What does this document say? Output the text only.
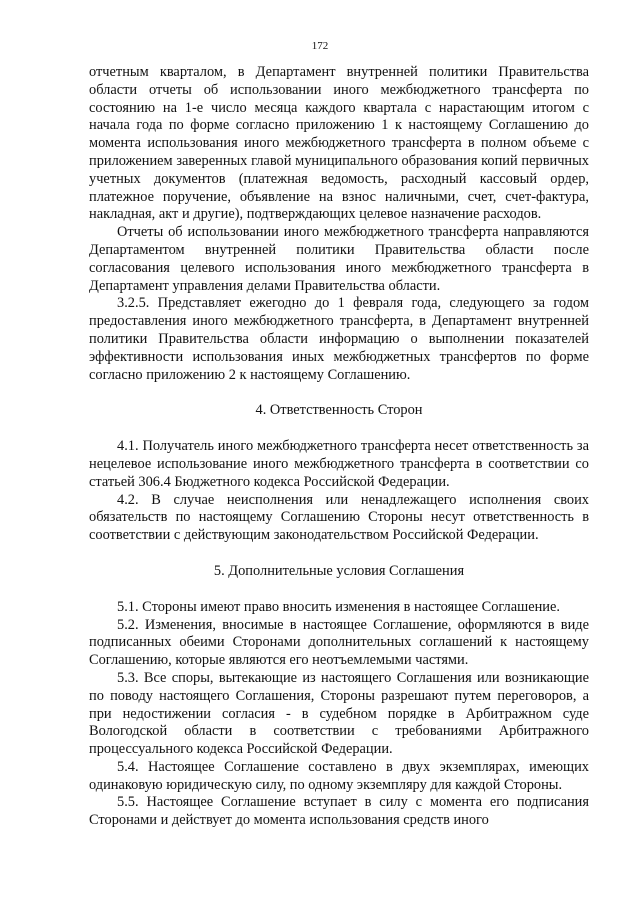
172

отчетным кварталом, в Департамент внутренней политики Правительства области отчеты об использовании иного межбюджетного трансферта по состоянию на 1-е число месяца каждого квартала с нарастающим итогом с начала года по форме согласно приложению 1 к настоящему Соглашению до момента использования иного межбюджетного трансферта в полном объеме с приложением заверенных главой муниципального образования копий первичных учетных документов (платежная ведомость, расходный кассовый ордер, платежное поручение, объявление на взнос наличными, счет, счет-фактура, накладная, акт и другие), подтверждающих целевое назначение расходов.

Отчеты об использовании иного межбюджетного трансферта направляются Департаментом внутренней политики Правительства области после согласования целевого использования иного межбюджетного трансферта в Департамент управления делами Правительства области.

3.2.5. Представляет ежегодно до 1 февраля года, следующего за годом предоставления иного межбюджетного трансферта, в Департамент внутренней политики Правительства области информацию о выполнении показателей эффективности использования иных межбюджетных трансфертов по форме согласно приложению 2 к настоящему Соглашению.

4. Ответственность Сторон

4.1. Получатель иного межбюджетного трансферта несет ответственность за нецелевое использование иного межбюджетного трансферта в соответствии со статьей 306.4 Бюджетного кодекса Российской Федерации.

4.2. В случае неисполнения или ненадлежащего исполнения своих обязательств по настоящему Соглашению Стороны несут ответственность в соответствии с действующим законодательством Российской Федерации.

5. Дополнительные условия Соглашения

5.1. Стороны имеют право вносить изменения в настоящее Соглашение.

5.2. Изменения, вносимые в настоящее Соглашение, оформляются в виде подписанных обеими Сторонами дополнительных соглашений к настоящему Соглашению, которые являются его неотъемлемыми частями.

5.3. Все споры, вытекающие из настоящего Соглашения или возникающие по поводу настоящего Соглашения, Стороны разрешают путем переговоров, а при недостижении согласия - в судебном порядке в Арбитражном суде Вологодской области в соответствии с требованиями Арбитражного процессуального кодекса Российской Федерации.

5.4. Настоящее Соглашение составлено в двух экземплярах, имеющих одинаковую юридическую силу, по одному экземпляру для каждой Стороны.

5.5. Настоящее Соглашение вступает в силу с момента его подписания Сторонами и действует до момента использования средств иного
